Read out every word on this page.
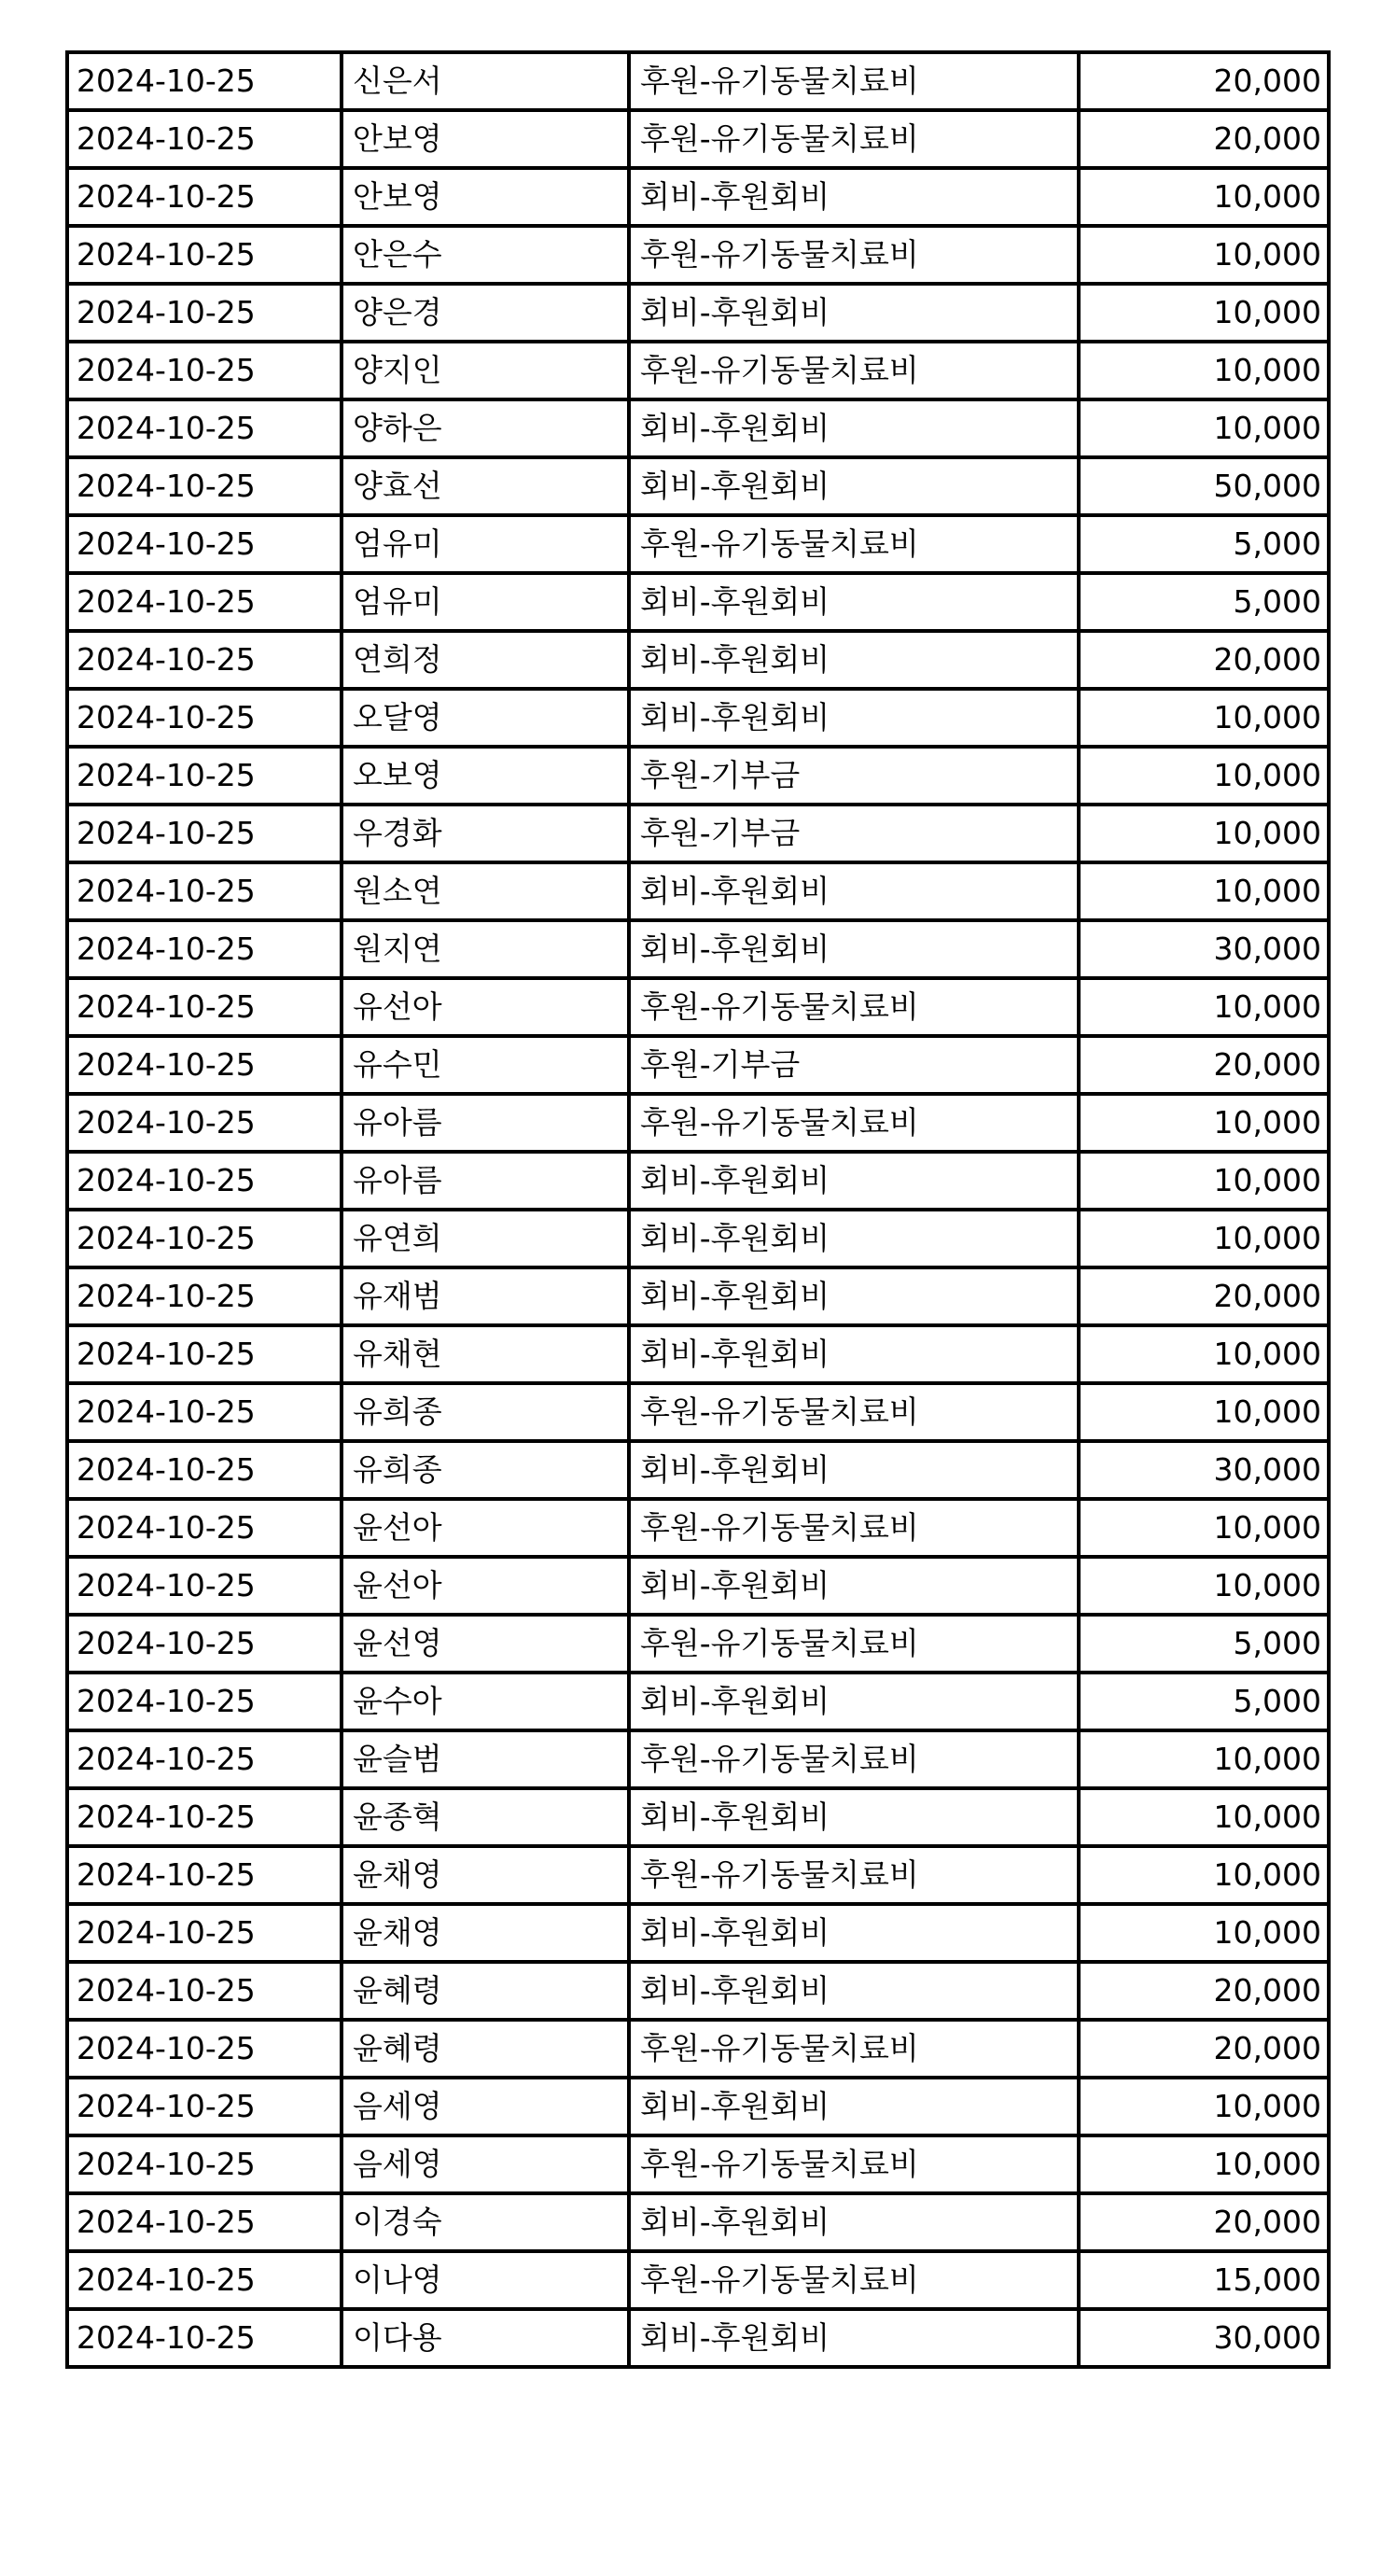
2024-10-25	신은서	후원-유기동물치료비	20,000
2024-10-25	안보영	후원-유기동물치료비	20,000
2024-10-25	안보영	회비-후원회비	10,000
2024-10-25	안은수	후원-유기동물치료비	10,000
2024-10-25	양은경	회비-후원회비	10,000
2024-10-25	양지인	후원-유기동물치료비	10,000
2024-10-25	양하은	회비-후원회비	10,000
2024-10-25	양효선	회비-후원회비	50,000
2024-10-25	엄유미	후원-유기동물치료비	5,000
2024-10-25	엄유미	회비-후원회비	5,000
2024-10-25	연희정	회비-후원회비	20,000
2024-10-25	오달영	회비-후원회비	10,000
2024-10-25	오보영	후원-기부금	10,000
2024-10-25	우경화	후원-기부금	10,000
2024-10-25	원소연	회비-후원회비	10,000
2024-10-25	원지연	회비-후원회비	30,000
2024-10-25	유선아	후원-유기동물치료비	10,000
2024-10-25	유수민	후원-기부금	20,000
2024-10-25	유아름	후원-유기동물치료비	10,000
2024-10-25	유아름	회비-후원회비	10,000
2024-10-25	유연희	회비-후원회비	10,000
2024-10-25	유재범	회비-후원회비	20,000
2024-10-25	유채현	회비-후원회비	10,000
2024-10-25	유희종	후원-유기동물치료비	10,000
2024-10-25	유희종	회비-후원회비	30,000
2024-10-25	윤선아	후원-유기동물치료비	10,000
2024-10-25	윤선아	회비-후원회비	10,000
2024-10-25	윤선영	후원-유기동물치료비	5,000
2024-10-25	윤수아	회비-후원회비	5,000
2024-10-25	윤슬범	후원-유기동물치료비	10,000
2024-10-25	윤종혁	회비-후원회비	10,000
2024-10-25	윤채영	후원-유기동물치료비	10,000
2024-10-25	윤채영	회비-후원회비	10,000
2024-10-25	윤혜령	회비-후원회비	20,000
2024-10-25	윤혜령	후원-유기동물치료비	20,000
2024-10-25	음세영	회비-후원회비	10,000
2024-10-25	음세영	후원-유기동물치료비	10,000
2024-10-25	이경숙	회비-후원회비	20,000
2024-10-25	이나영	후원-유기동물치료비	15,000
2024-10-25	이다용	회비-후원회비	30,000
